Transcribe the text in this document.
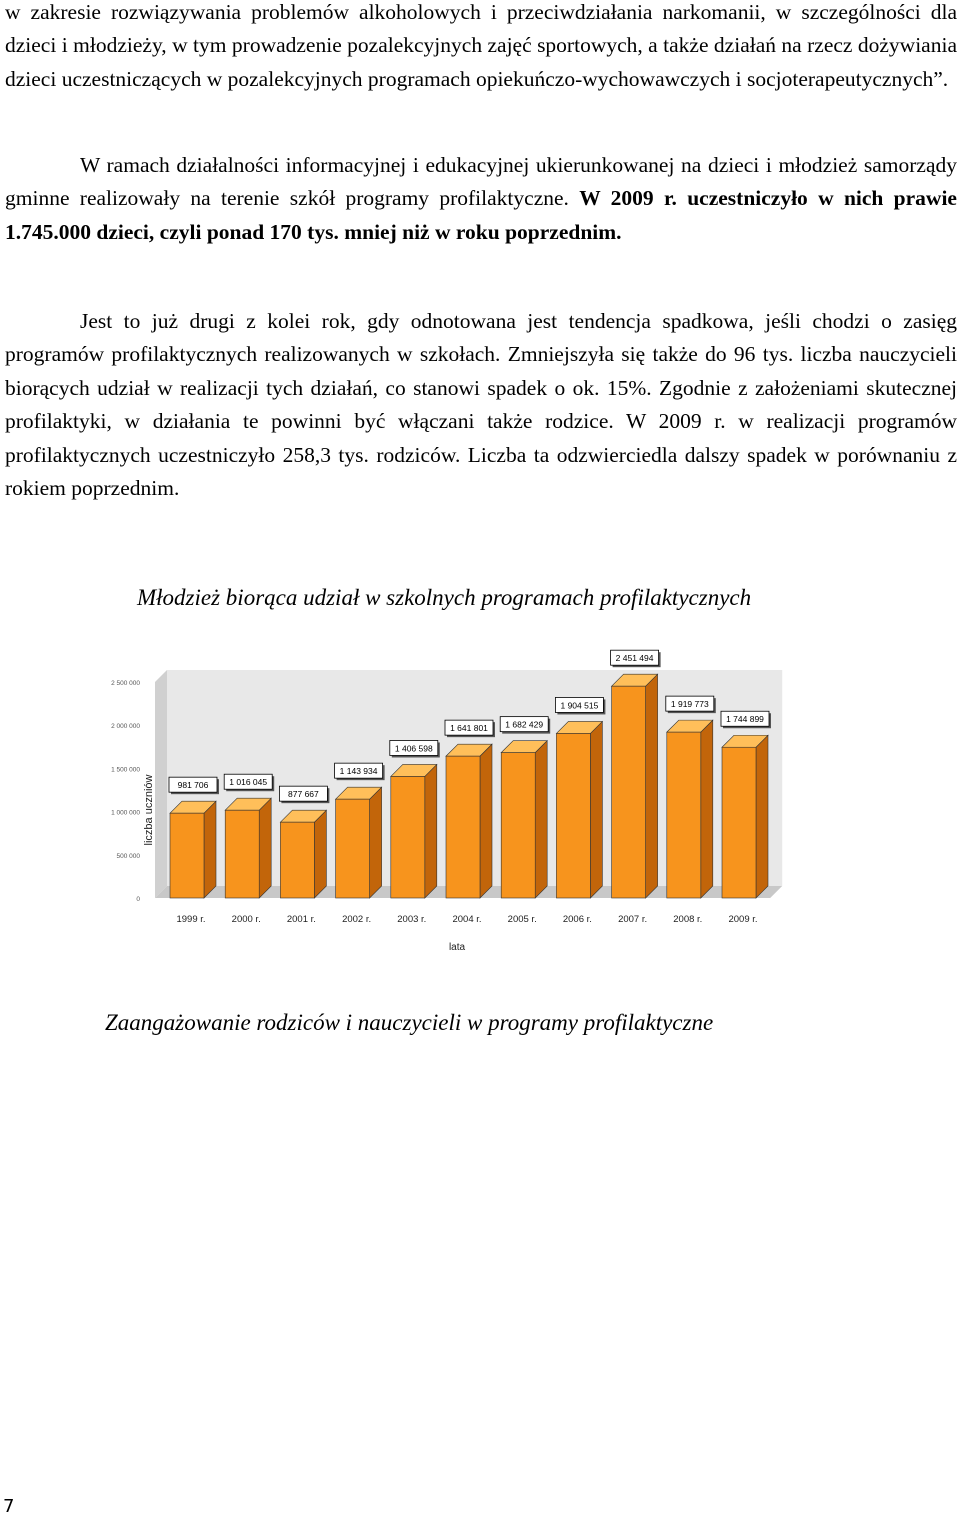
w zakresie rozwiązywania problemów alkoholowych i przeciwdziałania narkomanii, w szczególności dla dzieci i młodzieży, w tym prowadzenie pozalekcyjnych zajęć sportowych, a także działań na rzecz dożywiania dzieci uczestniczących w pozalekcyjnych programach opiekuńczo-wychowawczych i socjoterapeutycznych”.

W ramach działalności informacyjnej i edukacyjnej ukierunkowanej na dzieci i młodzież samorządy gminne realizowały na terenie szkół programy profilaktyczne. W 2009 r. uczestniczyło w nich prawie 1.745.000 dzieci, czyli ponad 170 tys. mniej niż w roku poprzednim.

Jest to już drugi z kolei rok, gdy odnotowana jest tendencja spadkowa, jeśli chodzi o zasięg programów profilaktycznych realizowanych w szkołach. Zmniejszyła się także do 96 tys. liczba nauczycieli biorących udział w realizacji tych działań, co stanowi spadek o ok. 15%. Zgodnie z założeniami skutecznej profilaktyki, w działania te powinni być włączani także rodzice. W 2009 r. w realizacji programów profilaktycznych uczestniczyło 258,3 tys. rodziców. Liczba ta odzwierciedla dalszy spadek w porównaniu z rokiem poprzednim.

Młodzież biorąca udział w szkolnych programach profilaktycznych

0
500 000
1 000 000
1 500 000
2 000 000
2 500 000
liczba uczniów	981 706
1999 r.
1 016 045
2000 r.
877 667
2001 r.
1 143 934
2002 r.
1 406 598
2003 r.
1 641 801
2004 r.
1 682 429
2005 r.
1 904 515
2006 r.
2 451 494
2007 r.
1 919 773
2008 r.
1 744 899
2009 r.
lata

Zaangażowanie rodziców i nauczycieli w programy profilaktyczne

7
